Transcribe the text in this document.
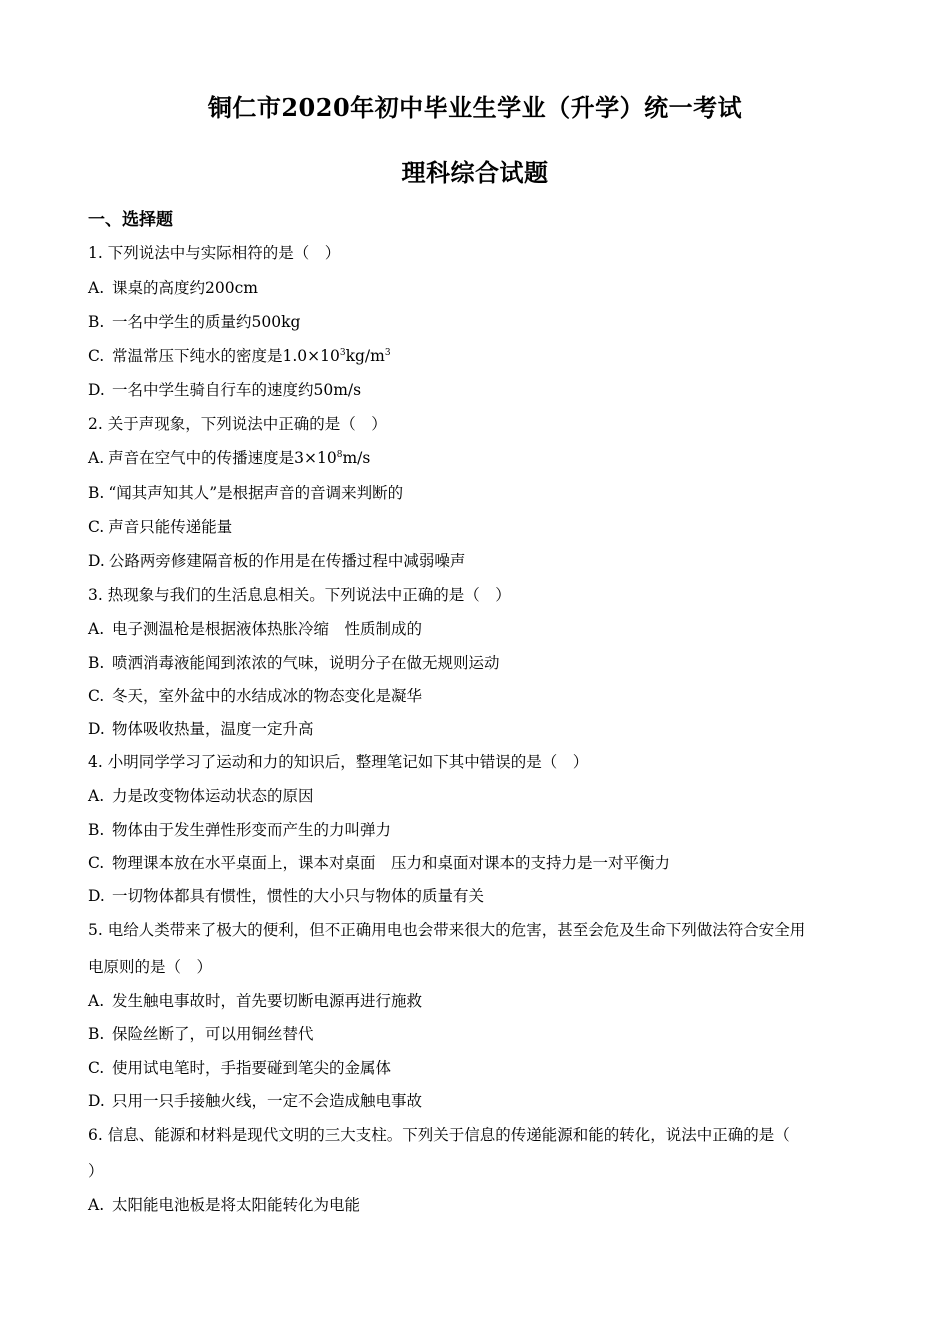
铜仁市2020年初中毕业生学业（升学）统一考试
理科综合试题
一、选择题
1. 下列说法中与实际相符的是（　）
A. 课桌的高度约200cm
B. 一名中学生的质量约500kg
C. 常温常压下纯水的密度是$1.0\times 10^3kg/m^3$
D. 一名中学生骑自行车的速度约50m/s
2. 关于声现象，下列说法中正确的是（　）
A. 声音在空气中的传播速度是$3\times 10^8m/s$
B. “闻其声知其人”是根据声音的音调来判断的
C. 声音只能传递能量
D. 公路两旁修建隔音板的作用是在传播过程中减弱噪声
3. 热现象与我们的生活息息相关。下列说法中正确的是（　）
A. 电子测温枪是根据液体热胀冷缩　性质制成的
B. 喷洒消毒液能闻到浓浓的气味，说明分子在做无规则运动
C. 冬天，室外盆中的水结成冰的物态变化是凝华
D. 物体吸收热量，温度一定升高
4. 小明同学学习了运动和力的知识后，整理笔记如下其中错误的是（　）
A. 力是改变物体运动状态的原因
B. 物体由于发生弹性形变而产生的力叫弹力
C. 物理课本放在水平桌面上，课本对桌面　压力和桌面对课本的支持力是一对平衡力
D. 一切物体都具有惯性，惯性的大小只与物体的质量有关
5. 电给人类带来了极大的便利，但不正确用电也会带来很大的危害，甚至会危及生命下列做法符合安全用
电原则的是（　）
A. 发生触电事故时，首先要切断电源再进行施救
B. 保险丝断了，可以用铜丝替代
C. 使用试电笔时，手指要碰到笔尖的金属体
D. 只用一只手接触火线，一定不会造成触电事故
6. 信息、能源和材料是现代文明的三大支柱。下列关于信息的传递能源和能的转化，说法中正确的是（
）
A. 太阳能电池板是将太阳能转化为电能
